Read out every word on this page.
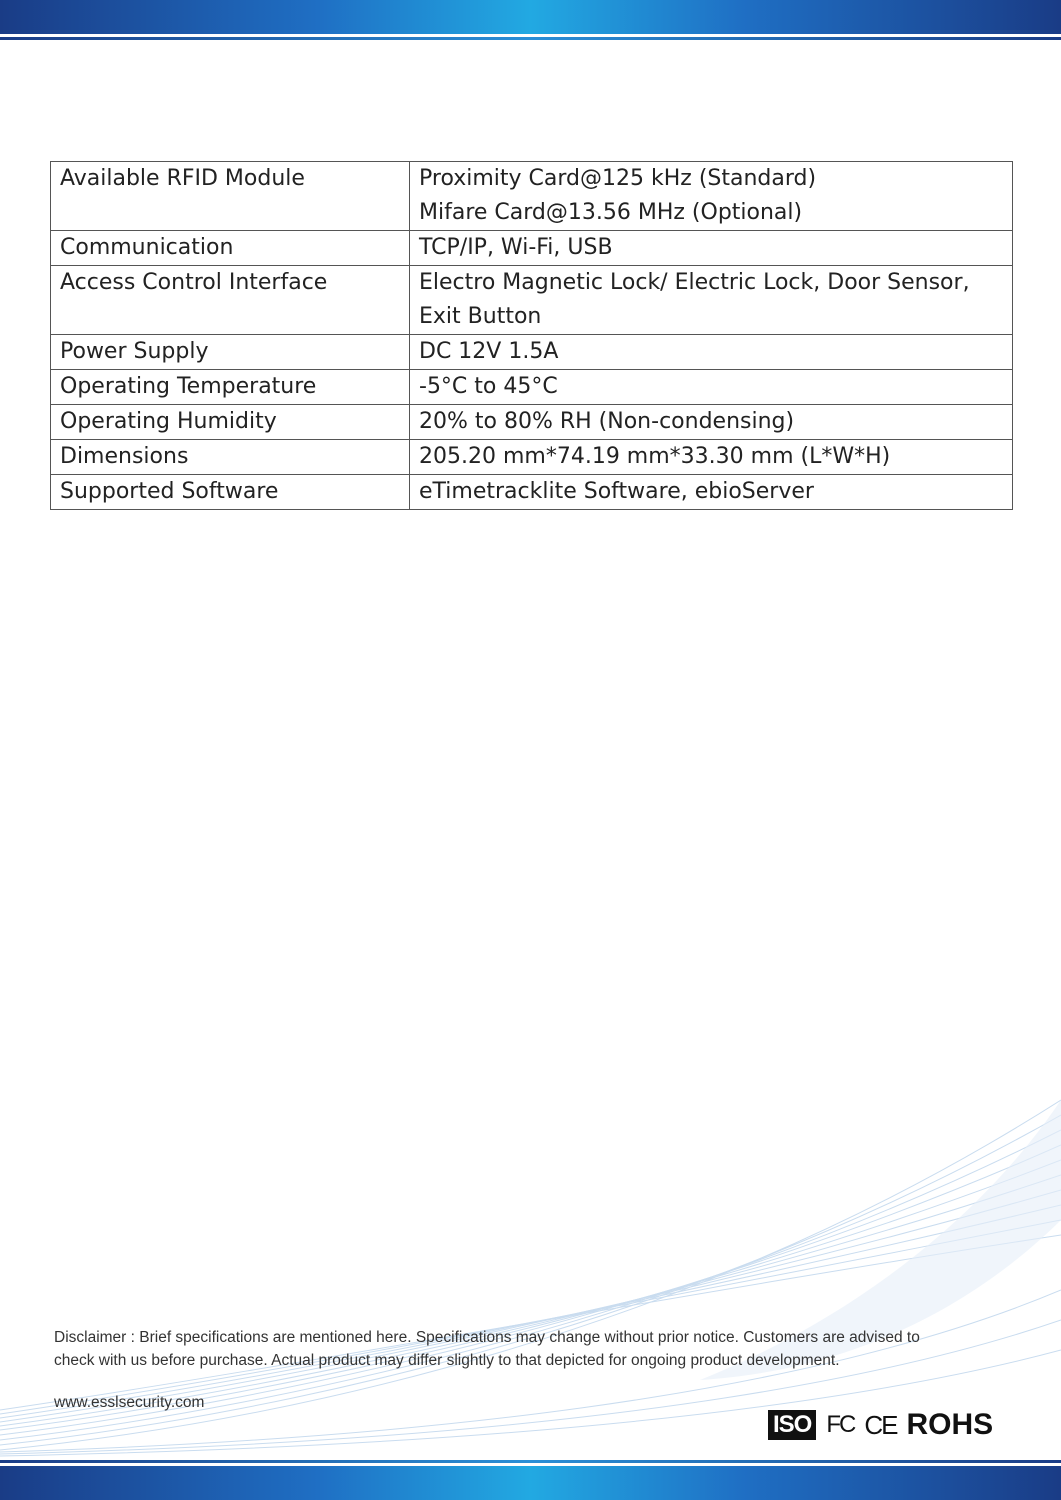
Available RFID Module	Proximity Card@125 kHz (Standard)
Mifare Card@13.56 MHz (Optional)

Communication	TCP/IP, Wi-Fi, USB
Access Control Interface	Electro Magnetic Lock/ Electric Lock, Door Sensor,
Exit Button

Power Supply	DC 12V 1.5A
Operating Temperature	-5°C to 45°C
Operating Humidity	20% to 80% RH (Non-condensing)
Dimensions	205.20 mm*74.19 mm*33.30 mm (L*W*H)
Supported Software	eTimetracklite Software, ebioServer
Disclaimer : Brief specifications are mentioned here. Specifications may change without prior notice. Customers are advised to
check with us before purchase. Actual product may differ slightly to that depicted for ongoing product development.
www.esslsecurity.com
ISO FC CE ROHS
